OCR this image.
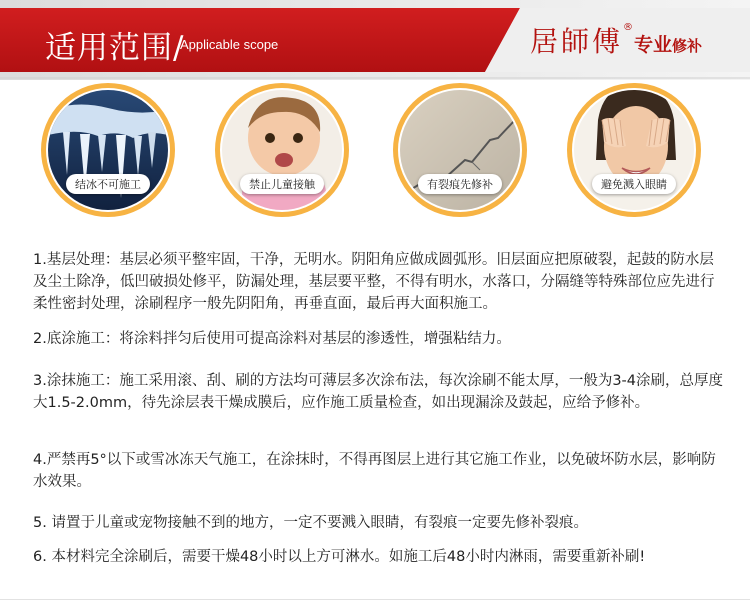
适用范围/
Applicable scope	居師傅®专业修补
结冰不可施工	禁止儿童接触	有裂痕先修补	避免溅入眼睛
1.基层处理：基层必须平整牢固，干净，无明水。阴阳角应做成圆弧形。旧层面应把原破裂，起鼓的防水层及尘土除净，低凹破损处修平，防漏处理，基层要平整，不得有明水，水落口，分隔缝等特殊部位应先进行柔性密封处理，涂刷程序一般先阴阳角，再垂直面，最后再大面积施工。
2.底涂施工：将涂料拌匀后使用可提高涂料对基层的渗透性，增强粘结力。
3.涂抹施工：施工采用滚、刮、刷的方法均可薄层多次涂布法，每次涂刷不能太厚，一般为3-4涂刷，总厚度大1.5-2.0mm，待先涂层表干燥成膜后，应作施工质量检查，如出现漏涂及鼓起，应给予修补。
4.严禁再5°以下或雪冰冻天气施工，在涂抹时，不得再图层上进行其它施工作业，以免破坏防水层，影响防水效果。
5. 请置于儿童或宠物接触不到的地方，一定不要溅入眼睛，有裂痕一定要先修补裂痕。
6. 本材料完全涂刷后，需要干燥48小时以上方可淋水。如施工后48小时内淋雨，需要重新补刷!
